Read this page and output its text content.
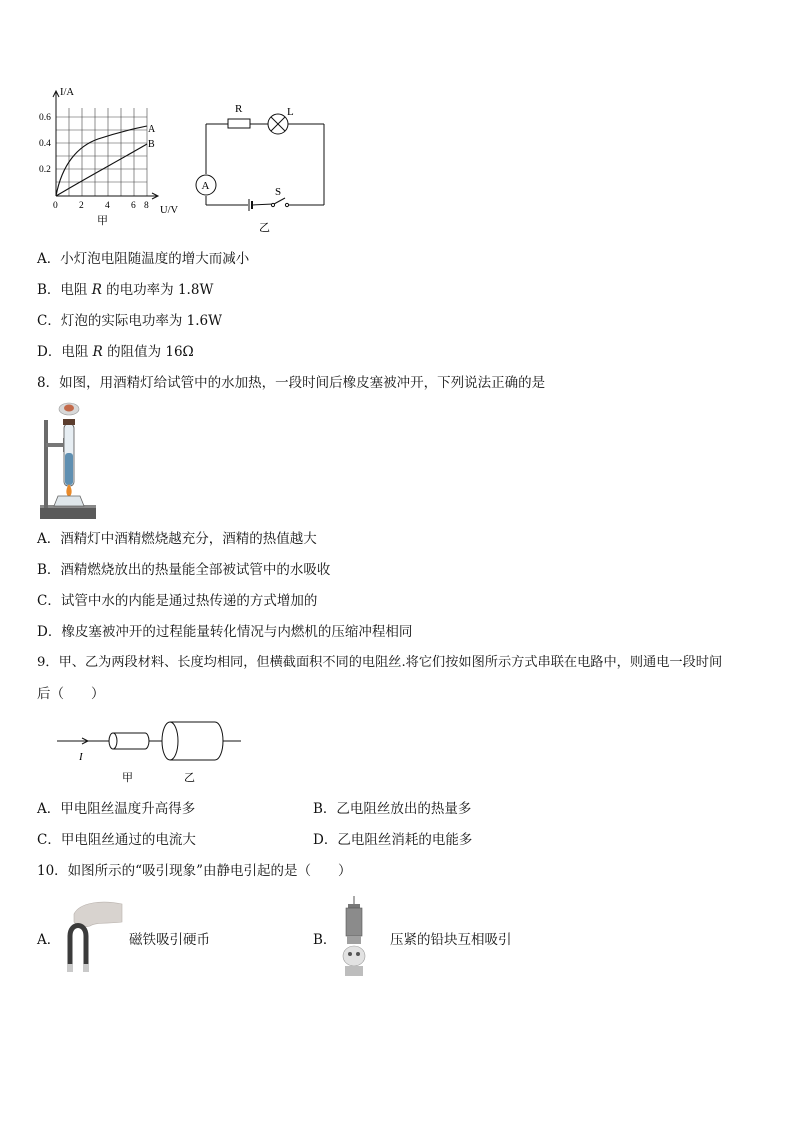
I/A
U/V
0.6
0.4
0.2
0 2 4 6 8
A
B
甲
A
R	L
S
乙
A．小灯泡电阻随温度的增大而减小
B．电阻 R 的电功率为 1.8W
C．灯泡的实际电功率为 1.6W
D．电阻 R 的阻值为 16Ω
8．如图，用酒精灯给试管中的水加热，一段时间后橡皮塞被冲开，下列说法正确的是
A．酒精灯中酒精燃烧越充分，酒精的热值越大
B．酒精燃烧放出的热量能全部被试管中的水吸收
C．试管中水的内能是通过热传递的方式增加的
D．橡皮塞被冲开的过程能量转化情况与内燃机的压缩冲程相同
9．甲、乙为两段材料、长度均相同，但横截面积不同的电阻丝.将它们按如图所示方式串联在电路中，则通电一段时间
后（　　）
I
甲	乙
A．甲电阻丝温度升高得多	B．乙电阻丝放出的热量多
C．甲电阻丝通过的电流大	D．乙电阻丝消耗的电能多
10．如图所示的“吸引现象”由静电引起的是（　　）
A．	磁铁吸引硬币	B．	压紧的铅块互相吸引
